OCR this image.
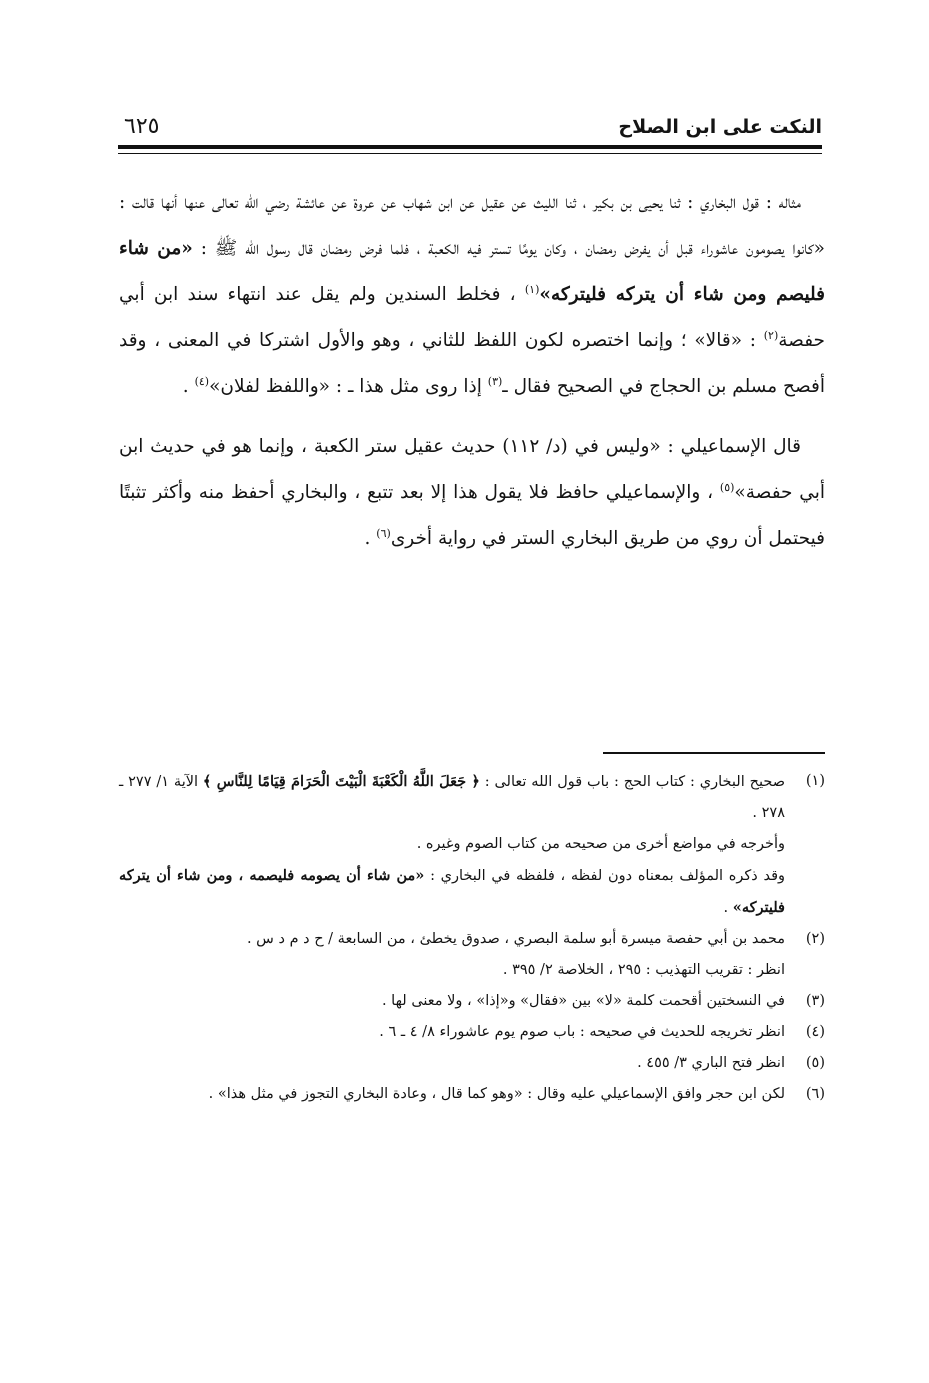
النكت على ابن الصلاح
٦٢٥

مثاله : قول البخاري : ثنا يحيى بن بكير ، ثنا الليث عن عقيل عن ابن شهاب عن عروة عن عائشة رضي الله تعالى عنها أنها قالت : «كانوا يصومون عاشوراء قبل أن يفرض رمضان ، وكان يومًا تستر فيه الكعبة ، فلما فرض رمضان قال رسول الله ﷺ : «من شاء فليصم ومن شاء أن يتركه فليتركه»$^{(١)}$ ، فخلط السندين ولم يقل عند انتهاء سند ابن أبي حفصة$^{(٢)}$ : «قالا» ؛ وإنما اختصره لكون اللفظ للثاني ، وهو والأول اشتركا في المعنى ، وقد أفصح مسلم بن الحجاج في الصحيح فقال ـ$^{(٣)}$ إذا روى مثل هذا ـ : «واللفظ لفلان»$^{(٤)}$ .

قال الإسماعيلي : «وليس في (د/ ١١٢) حديث عقيل ستر الكعبة ، وإنما هو في حديث ابن أبي حفصة»$^{(٥)}$ ، والإسماعيلي حافظ فلا يقول هذا إلا بعد تتبع ، والبخاري أحفظ منه وأكثر تثبتًا فيحتمل أن روي من طريق البخاري الستر في رواية أخرى$^{(٦)}$ .

(١)
صحيح البخاري : كتاب الحج : باب قول الله تعالى : ﴿ جَعَلَ اللَّهُ الْكَعْبَةَ الْبَيْتَ الْحَرَامَ قِيَامًا لِلنَّاسِ ﴾ الآية ١/ ٢٧٧ ـ ٢٧٨ .
وأخرجه في مواضع أخرى من صحيحه من كتاب الصوم وغيره .
وقد ذكره المؤلف بمعناه دون لفظه ، فلفظه في البخاري : «من شاء أن يصومه فليصمه ، ومن شاء أن يتركه فليتركه» .
(٢)
محمد بن أبي حفصة ميسرة أبو سلمة البصري ، صدوق يخطئ ، من السابعة / ح د م د س .
انظر : تقريب التهذيب : ٢٩٥ ، الخلاصة ٢/ ٣٩٥ .
(٣)
في النسختين أقحمت كلمة «لا» بين «فقال» و«إذا» ، ولا معنى لها .
(٤)
انظر تخريجه للحديث في صحيحه : باب صوم يوم عاشوراء ٨/ ٤ ـ ٦ .
(٥)
انظر فتح الباري ٣/ ٤٥٥ .
(٦)
لكن ابن حجر وافق الإسماعيلي عليه وقال : «وهو كما قال ، وعادة البخاري التجوز في مثل هذا» .
